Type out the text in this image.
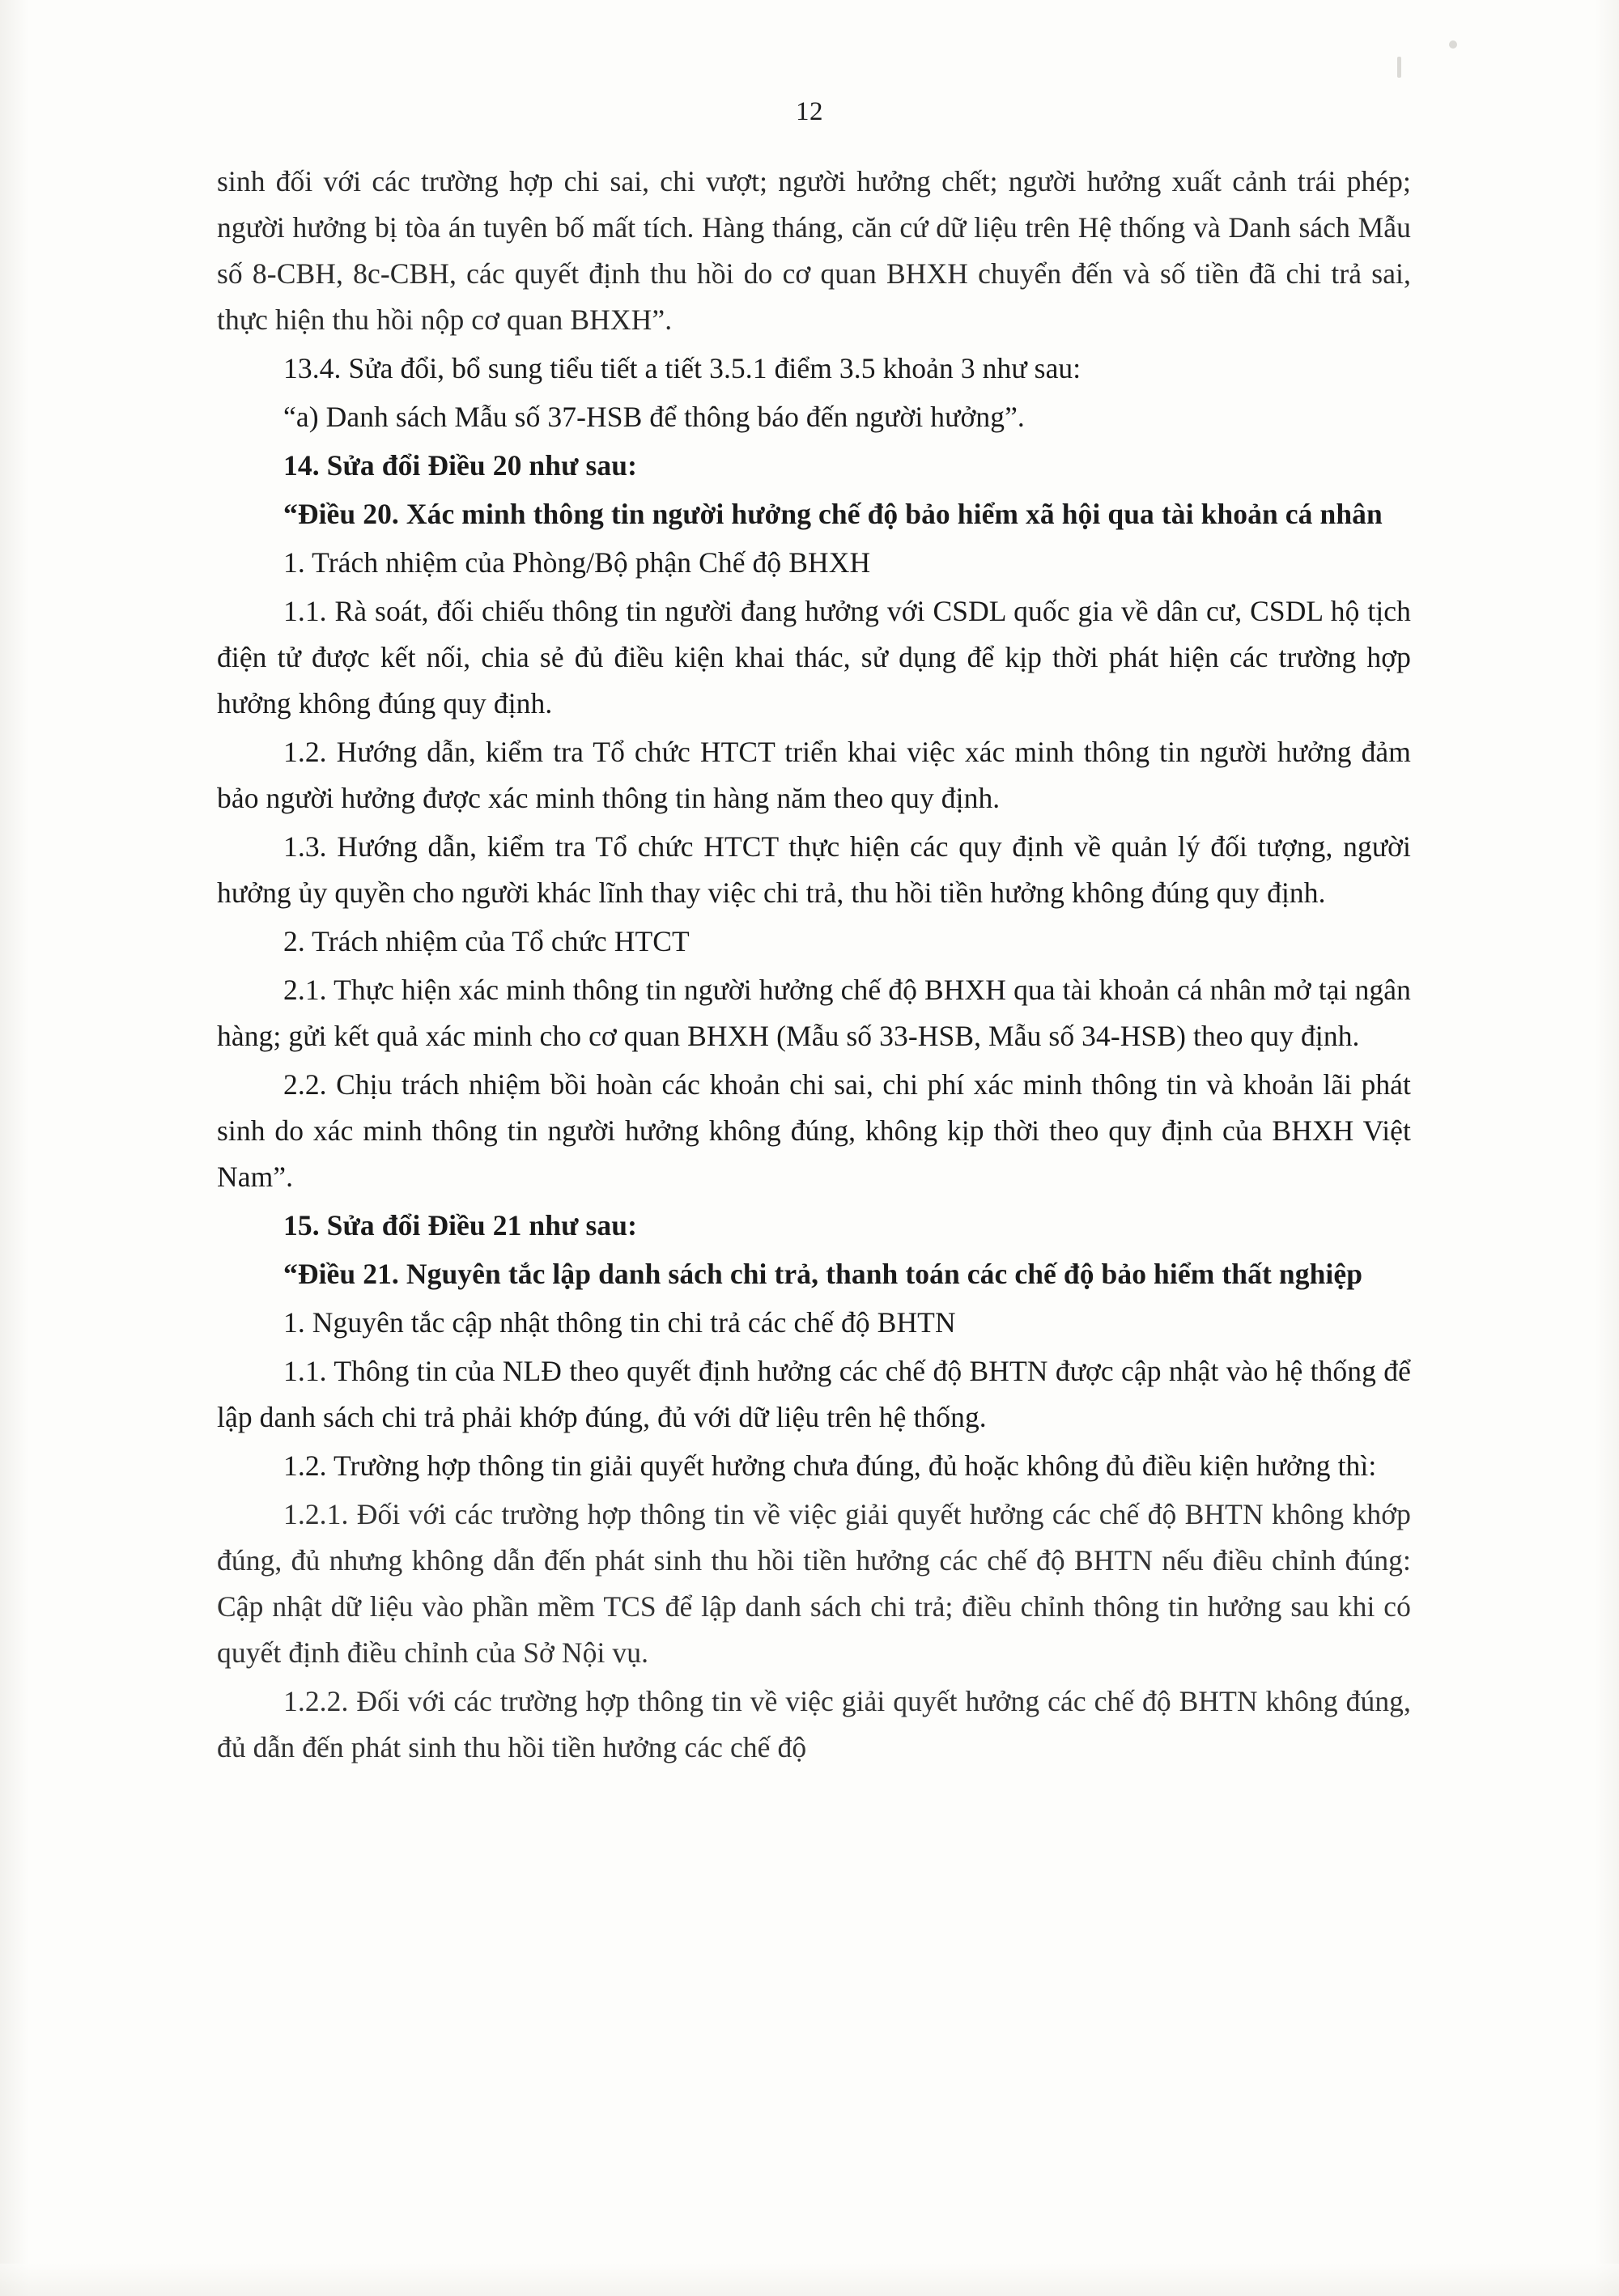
12

sinh đối với các trường hợp chi sai, chi vượt; người hưởng chết; người hưởng xuất cảnh trái phép; người hưởng bị tòa án tuyên bố mất tích. Hàng tháng, căn cứ dữ liệu trên Hệ thống và Danh sách Mẫu số 8-CBH, 8c-CBH, các quyết định thu hồi do cơ quan BHXH chuyển đến và số tiền đã chi trả sai, thực hiện thu hồi nộp cơ quan BHXH”.

13.4. Sửa đổi, bổ sung tiểu tiết a tiết 3.5.1 điểm 3.5 khoản 3 như sau:

“a) Danh sách Mẫu số 37-HSB để thông báo đến người hưởng”.

14. Sửa đổi Điều 20 như sau:

“Điều 20. Xác minh thông tin người hưởng chế độ bảo hiểm xã hội qua tài khoản cá nhân

1. Trách nhiệm của Phòng/Bộ phận Chế độ BHXH

1.1. Rà soát, đối chiếu thông tin người đang hưởng với CSDL quốc gia về dân cư, CSDL hộ tịch điện tử được kết nối, chia sẻ đủ điều kiện khai thác, sử dụng để kịp thời phát hiện các trường hợp hưởng không đúng quy định.

1.2. Hướng dẫn, kiểm tra Tổ chức HTCT triển khai việc xác minh thông tin người hưởng đảm bảo người hưởng được xác minh thông tin hàng năm theo quy định.

1.3. Hướng dẫn, kiểm tra Tổ chức HTCT thực hiện các quy định về quản lý đối tượng, người hưởng ủy quyền cho người khác lĩnh thay việc chi trả, thu hồi tiền hưởng không đúng quy định.

2. Trách nhiệm của Tổ chức HTCT

2.1. Thực hiện xác minh thông tin người hưởng chế độ BHXH qua tài khoản cá nhân mở tại ngân hàng; gửi kết quả xác minh cho cơ quan BHXH (Mẫu số 33-HSB, Mẫu số 34-HSB) theo quy định.

2.2. Chịu trách nhiệm bồi hoàn các khoản chi sai, chi phí xác minh thông tin và khoản lãi phát sinh do xác minh thông tin người hưởng không đúng, không kịp thời theo quy định của BHXH Việt Nam”.

15. Sửa đổi Điều 21 như sau:

“Điều 21. Nguyên tắc lập danh sách chi trả, thanh toán các chế độ bảo hiểm thất nghiệp

1. Nguyên tắc cập nhật thông tin chi trả các chế độ BHTN

1.1. Thông tin của NLĐ theo quyết định hưởng các chế độ BHTN được cập nhật vào hệ thống để lập danh sách chi trả phải khớp đúng, đủ với dữ liệu trên hệ thống.

1.2. Trường hợp thông tin giải quyết hưởng chưa đúng, đủ hoặc không đủ điều kiện hưởng thì:

1.2.1. Đối với các trường hợp thông tin về việc giải quyết hưởng các chế độ BHTN không khớp đúng, đủ nhưng không dẫn đến phát sinh thu hồi tiền hưởng các chế độ BHTN nếu điều chỉnh đúng: Cập nhật dữ liệu vào phần mềm TCS để lập danh sách chi trả; điều chỉnh thông tin hưởng sau khi có quyết định điều chỉnh của Sở Nội vụ.

1.2.2. Đối với các trường hợp thông tin về việc giải quyết hưởng các chế độ BHTN không đúng, đủ dẫn đến phát sinh thu hồi tiền hưởng các chế độ
